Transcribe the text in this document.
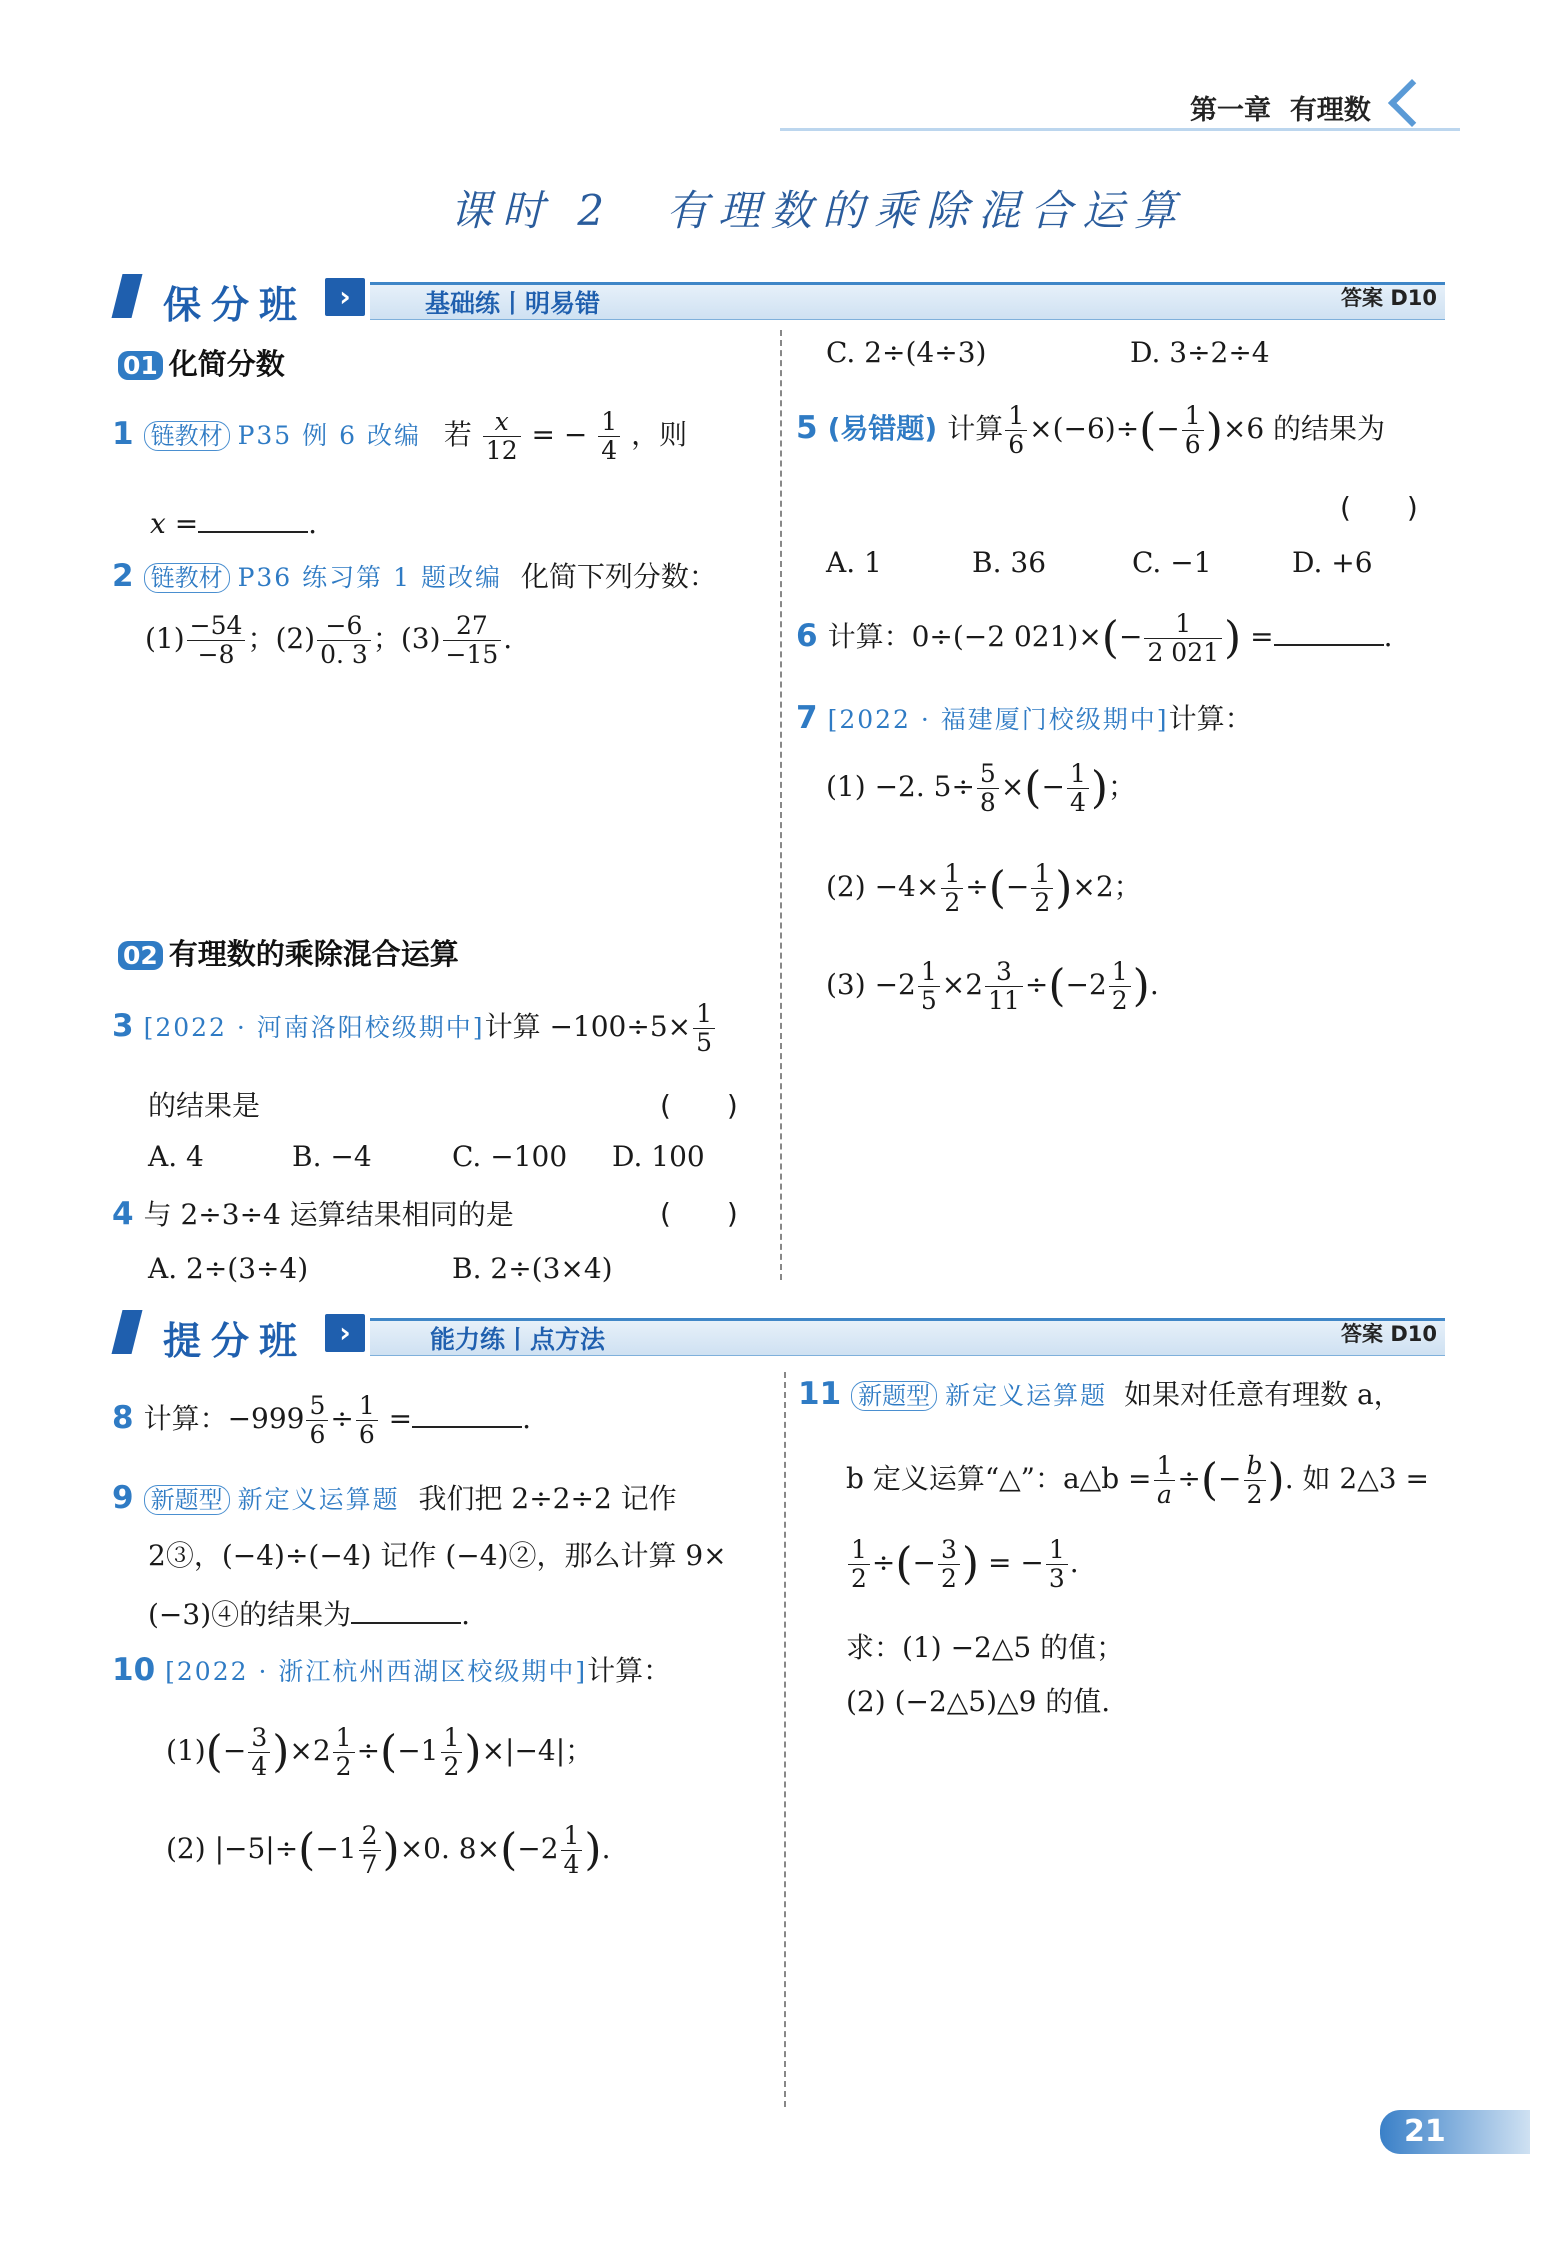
第一章 有理数
课时 2　有理数的乘除混合运算
保分班	›	基础练丨明易错	答案 D10
01 化简分数
1 链教材 P35 例 6 改编 若 $\frac{x}{12}$ = − $\frac{1}{4}$ ，则
x =	.
2 链教材 P36 练习第 1 题改编 化简下列分数：
$(1) \frac{-54}{-8}$ ；$(2) \frac{-6}{0. 3}$ ；$(3) \frac{27}{-15}$ .
02 有理数的乘除混合运算
3 [2022 · 河南洛阳校级期中]计算 $-100\div 5\times \frac{1}{5}$
的结果是	(　　)
A. 4	B. −4	C. −100 D. 100
4 与 2÷3÷4 运算结果相同的是	(　　)
A. 2÷(3÷4)	B. 2÷(3×4)
C. 2÷(4÷3)	D. 3÷2÷4
5 (易错题) 计算 $\frac{1}{6} \times(-6)\div(- \frac{1}{6} )\times 6$ 的结果为
(　　)
A. 1	B. 36	C. −1	D. +6
6 计算：0÷(−2 $021)\times(- \frac{1}{2 021}$ ) =	.
7 [2022 · 福建厦门校级期中]计算：
(1) −2. $5\div \frac{5}{8}$ ×(− $\frac{1}{4}$ )；
$(2) -4\times \frac{1}{2}$ ÷(− $\frac{1}{2} )\times 2$；
$(3) -2 \frac{1}{5} \times 2 \frac{3}{11} \div(-2 \frac{1}{2}$ ).
提分班	›	能力练丨点方法	答案 D10
8 计算：$-999 \frac{5}{6} \div \frac{1}{6}$ =	.
9 新题型 新定义运算题 我们把 2÷2÷2 记作
2③，(−4)÷(−4) 记作 (−4)②，那么计算 9×
(−3)④的结果为	.
10 [2022 · 浙江杭州西湖区校级期中]计算：
$(1)(- \frac{3}{4} )\times 2 \frac{1}{2} \div(-1 \frac{1}{2} )\times|-4|$；
(2) $|-5|\div(-1 \frac{2}{7} )\times 0$. $8\times(-2 \frac{1}{4}$ ).
11 新题型 新定义运算题 如果对任意有理数 a，
b 定义运算“△”：a△b = $\frac{1}{a}$ ÷(− $\frac{b}{2}$ ). 如 2△3 =
$\frac{1}{2}$ ÷(− $\frac{3}{2}$ ) = − $\frac{1}{3}$ .
求：(1) −2△5 的值；
(2) (−2△5)△9 的值.
21
